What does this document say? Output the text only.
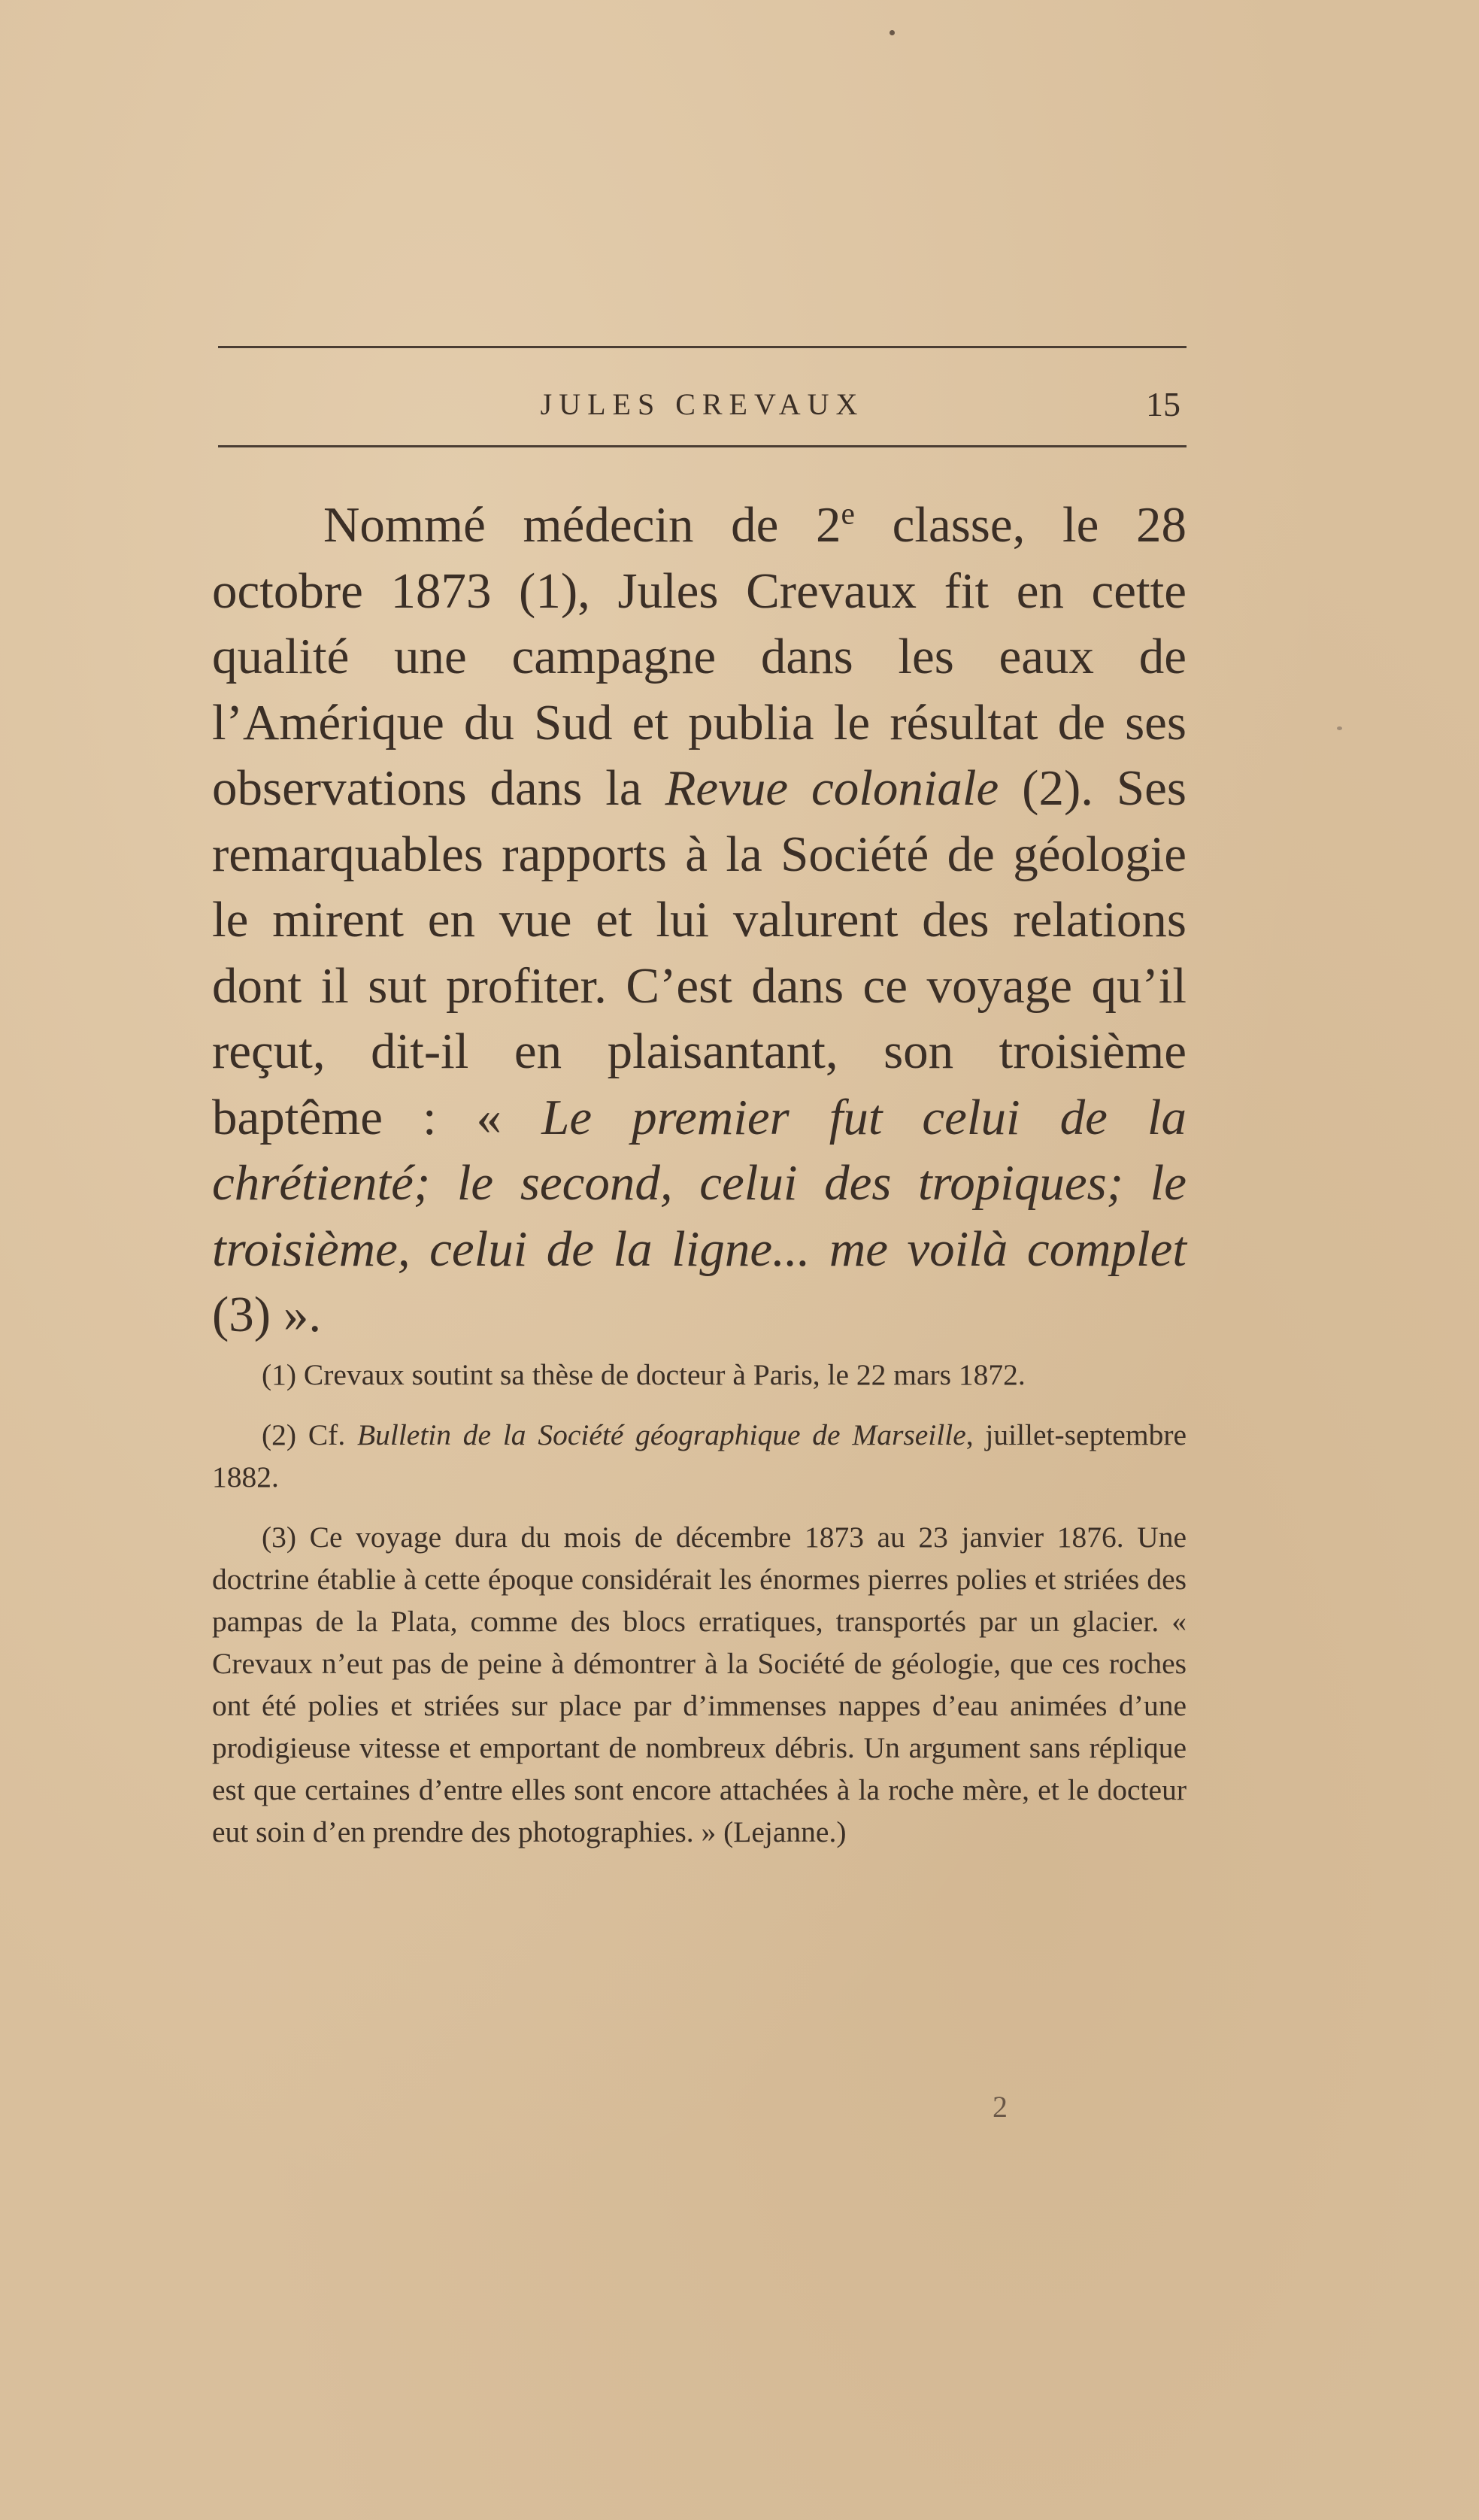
JULES CREVAUX	15

Nommé médecin de 2e classe, le 28 octobre 1873 (1), Jules Crevaux fit en cette qualité une campagne dans les eaux de l’Amérique du Sud et publia le résultat de ses observations dans la Revue coloniale (2). Ses remarquables rapports à la Société de géologie le mirent en vue et lui valurent des relations dont il sut profiter. C’est dans ce voyage qu’il reçut, dit-il en plaisantant, son troisième baptême : « Le premier fut celui de la chrétienté; le second, celui des tropiques; le troisième, celui de la ligne... me voilà complet (3) ».

(1) Crevaux soutint sa thèse de docteur à Paris, le 22 mars 1872.

(2) Cf. Bulletin de la Société géographique de Marseille, juillet-septembre 1882.

(3) Ce voyage dura du mois de décembre 1873 au 23 janvier 1876. Une doctrine établie à cette époque considérait les énormes pierres polies et striées des pampas de la Plata, comme des blocs erratiques, transportés par un glacier. « Crevaux n’eut pas de peine à démontrer à la Société de géologie, que ces roches ont été polies et striées sur place par d’immenses nappes d’eau animées d’une prodigieuse vitesse et emportant de nombreux débris. Un argument sans réplique est que certaines d’entre elles sont encore attachées à la roche mère, et le docteur eut soin d’en prendre des photographies. » (Lejanne.)

2
